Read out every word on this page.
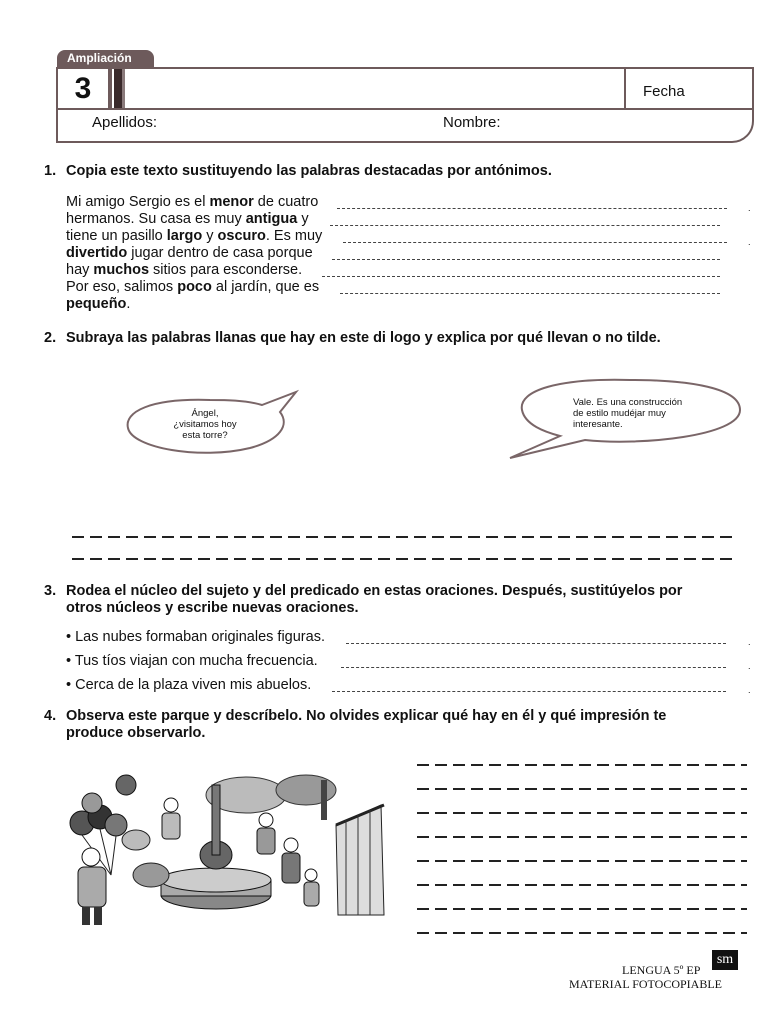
Ampliación
3	Fecha
Apellidos:	Nombre:
1. Copia este texto sustituyendo las palabras destacadas por antónimos.
Mi amigo Sergio es el menor de cuatro
hermanos. Su casa es muy antigua y
tiene un pasillo largo y oscuro. Es muy
divertido jugar dentro de casa porque
hay muchos sitios para esconderse.
Por eso, salimos poco al jardín, que es
pequeño.
.
.
2. Subraya las palabras llanas que hay en este di logo y explica por qué llevan o no tilde.
Ángel,
¿visitamos hoy
esta torre?
Vale. Es una construcción
de estilo mudéjar muy
interesante.
3. Rodea el núcleo del sujeto y del predicado en estas oraciones. Después, sustitúyelos por
otros núcleos y escribe nuevas oraciones.
• Las nubes formaban originales figuras.
• Tus tíos viajan con mucha frecuencia.
• Cerca de la plaza viven mis abuelos.
.
.
.
4. Observa este parque y descríbelo. No olvides explicar qué hay en él y qué impresión te
produce observarlo.
sm
LENGUA 5º EP
MATERIAL FOTOCOPIABLE
